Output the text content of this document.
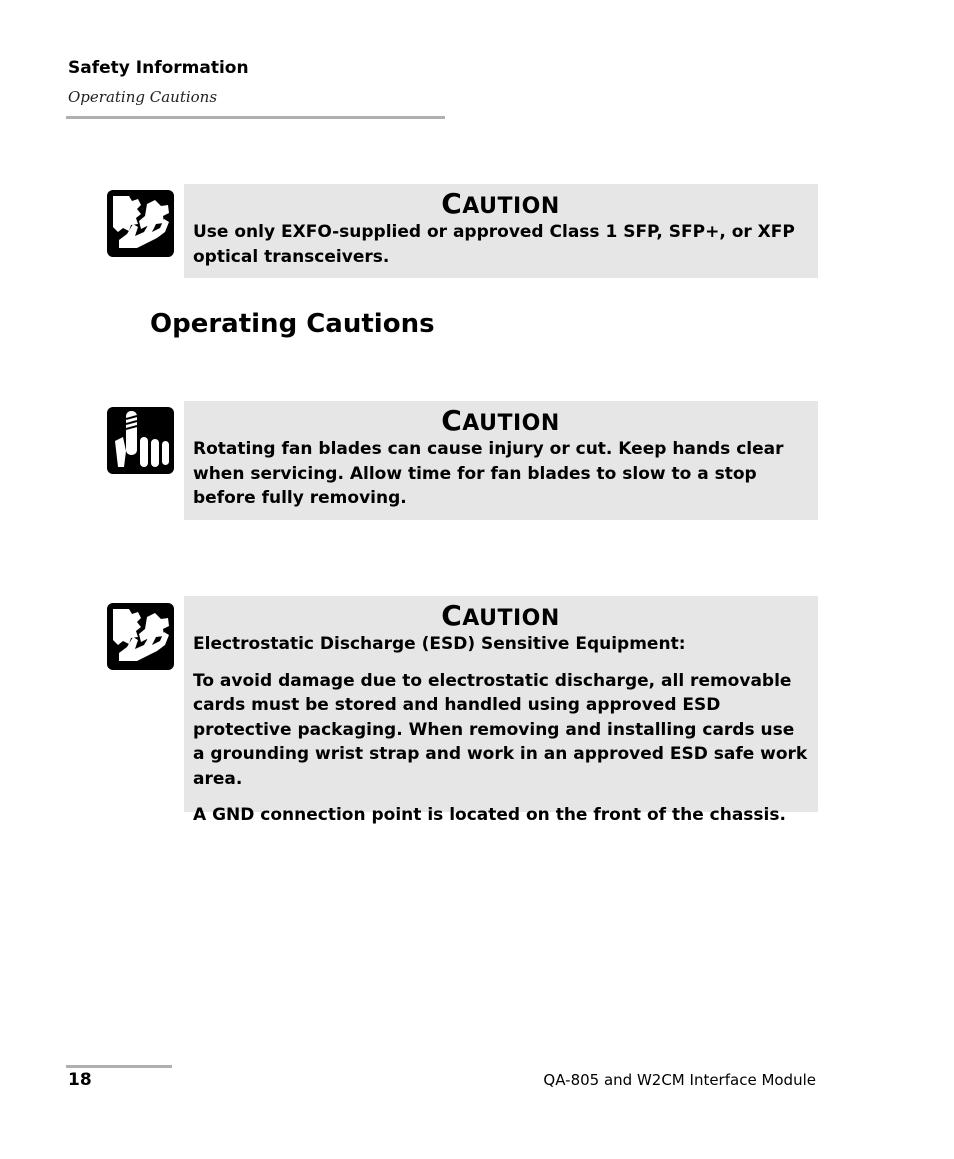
Safety Information
Operating Cautions
CAUTION

Use only EXFO-supplied or approved Class 1 SFP, SFP+, or XFP optical transceivers.

Operating Cautions
CAUTION

Rotating fan blades can cause injury or cut. Keep hands clear when servicing. Allow time for fan blades to slow to a stop before fully removing.

CAUTION

Electrostatic Discharge (ESD) Sensitive Equipment:

To avoid damage due to electrostatic discharge, all removable cards must be stored and handled using approved ESD protective packaging. When removing and installing cards use a grounding wrist strap and work in an approved ESD safe work area.

A GND connection point is located on the front of the chassis.

18	QA-805 and W2CM Interface Module
